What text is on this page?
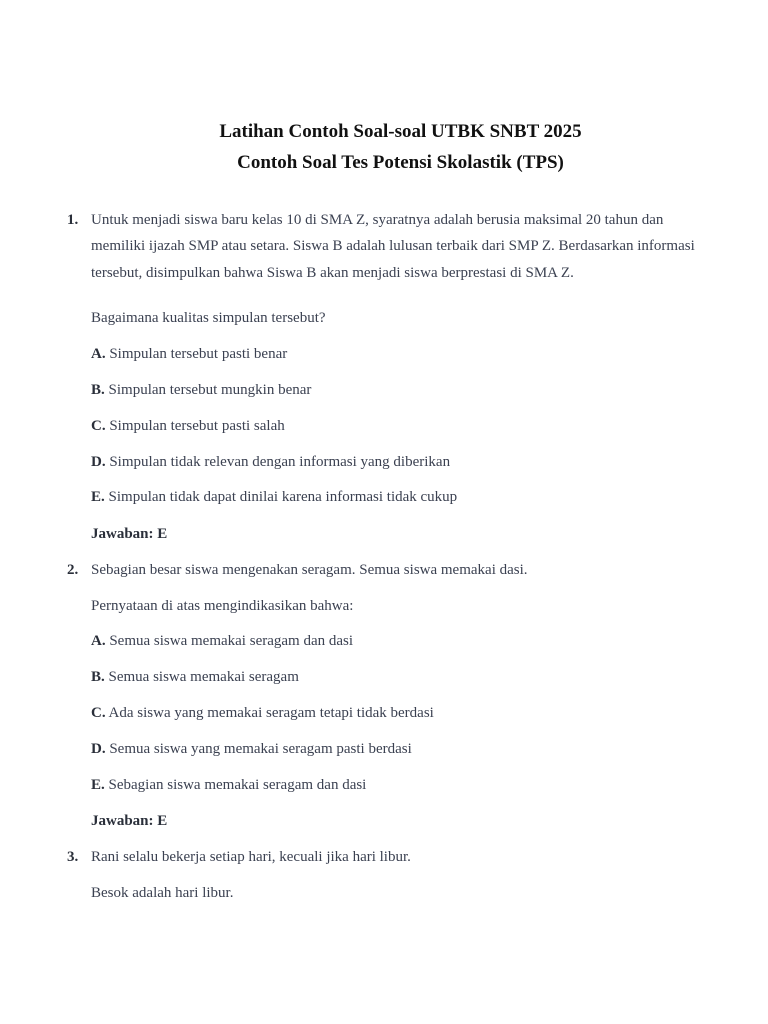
Latihan Contoh Soal-soal UTBK SNBT 2025
Contoh Soal Tes Potensi Skolastik (TPS)
1. Untuk menjadi siswa baru kelas 10 di SMA Z, syaratnya adalah berusia maksimal 20 tahun dan
memiliki ijazah SMP atau setara. Siswa B adalah lulusan terbaik dari SMP Z. Berdasarkan informasi
tersebut, disimpulkan bahwa Siswa B akan menjadi siswa berprestasi di SMA Z.
Bagaimana kualitas simpulan tersebut?
A. Simpulan tersebut pasti benar
B. Simpulan tersebut mungkin benar
C. Simpulan tersebut pasti salah
D. Simpulan tidak relevan dengan informasi yang diberikan
E. Simpulan tidak dapat dinilai karena informasi tidak cukup
Jawaban: E
2. Sebagian besar siswa mengenakan seragam. Semua siswa memakai dasi.
Pernyataan di atas mengindikasikan bahwa:
A. Semua siswa memakai seragam dan dasi
B. Semua siswa memakai seragam
C. Ada siswa yang memakai seragam tetapi tidak berdasi
D. Semua siswa yang memakai seragam pasti berdasi
E. Sebagian siswa memakai seragam dan dasi
Jawaban: E
3. Rani selalu bekerja setiap hari, kecuali jika hari libur.
Besok adalah hari libur.
